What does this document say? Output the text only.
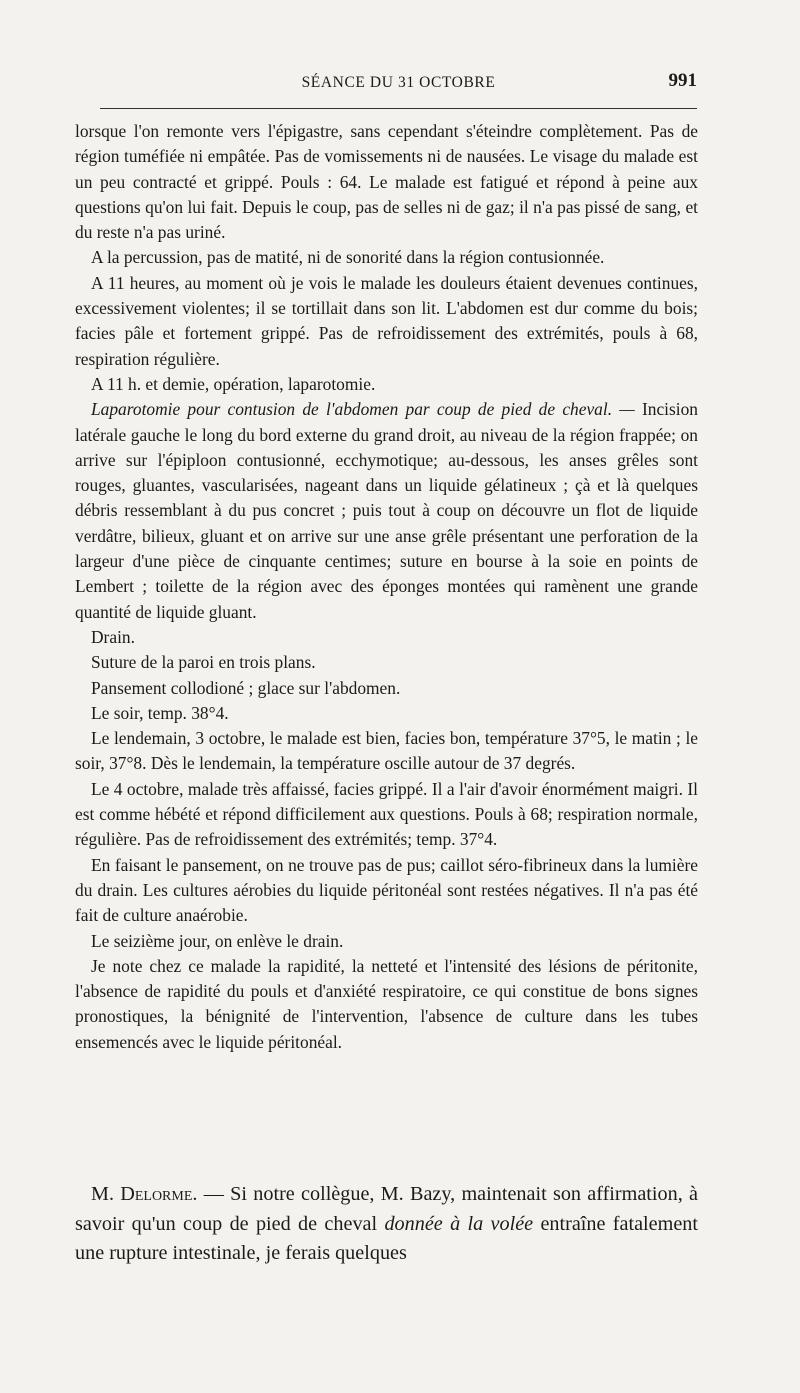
SÉANCE DU 31 OCTOBRE	991

lorsque l'on remonte vers l'épigastre, sans cependant s'éteindre complètement. Pas de région tuméfiée ni empâtée. Pas de vomissements ni de nausées. Le visage du malade est un peu contracté et grippé. Pouls : 64. Le malade est fatigué et répond à peine aux questions qu'on lui fait. Depuis le coup, pas de selles ni de gaz; il n'a pas pissé de sang, et du reste n'a pas uriné.

A la percussion, pas de matité, ni de sonorité dans la région contusionnée.

A 11 heures, au moment où je vois le malade les douleurs étaient devenues continues, excessivement violentes; il se tortillait dans son lit. L'abdomen est dur comme du bois; facies pâle et fortement grippé. Pas de refroidissement des extrémités, pouls à 68, respiration régulière.

A 11 h. et demie, opération, laparotomie.

Laparotomie pour contusion de l'abdomen par coup de pied de cheval. — Incision latérale gauche le long du bord externe du grand droit, au niveau de la région frappée; on arrive sur l'épiploon contusionné, ecchymotique; au-dessous, les anses grêles sont rouges, gluantes, vascularisées, nageant dans un liquide gélatineux ; çà et là quelques débris ressemblant à du pus concret ; puis tout à coup on découvre un flot de liquide verdâtre, bilieux, gluant et on arrive sur une anse grêle présentant une perforation de la largeur d'une pièce de cinquante centimes; suture en bourse à la soie en points de Lembert ; toilette de la région avec des éponges montées qui ramènent une grande quantité de liquide gluant.

Drain.

Suture de la paroi en trois plans.

Pansement collodioné ; glace sur l'abdomen.

Le soir, temp. 38°4.

Le lendemain, 3 octobre, le malade est bien, facies bon, température 37°5, le matin ; le soir, 37°8. Dès le lendemain, la température oscille autour de 37 degrés.

Le 4 octobre, malade très affaissé, facies grippé. Il a l'air d'avoir énormément maigri. Il est comme hébété et répond difficilement aux questions. Pouls à 68; respiration normale, régulière. Pas de refroidissement des extrémités; temp. 37°4.

En faisant le pansement, on ne trouve pas de pus; caillot séro-fibrineux dans la lumière du drain. Les cultures aérobies du liquide péritonéal sont restées négatives. Il n'a pas été fait de culture anaérobie.

Le seizième jour, on enlève le drain.

Je note chez ce malade la rapidité, la netteté et l'intensité des lésions de péritonite, l'absence de rapidité du pouls et d'anxiété respiratoire, ce qui constitue de bons signes pronostiques, la bénignité de l'intervention, l'absence de culture dans les tubes ensemencés avec le liquide péritonéal.

M. Delorme. — Si notre collègue, M. Bazy, maintenait son affirmation, à savoir qu'un coup de pied de cheval donnée à la volée entraîne fatalement une rupture intestinale, je ferais quelques
